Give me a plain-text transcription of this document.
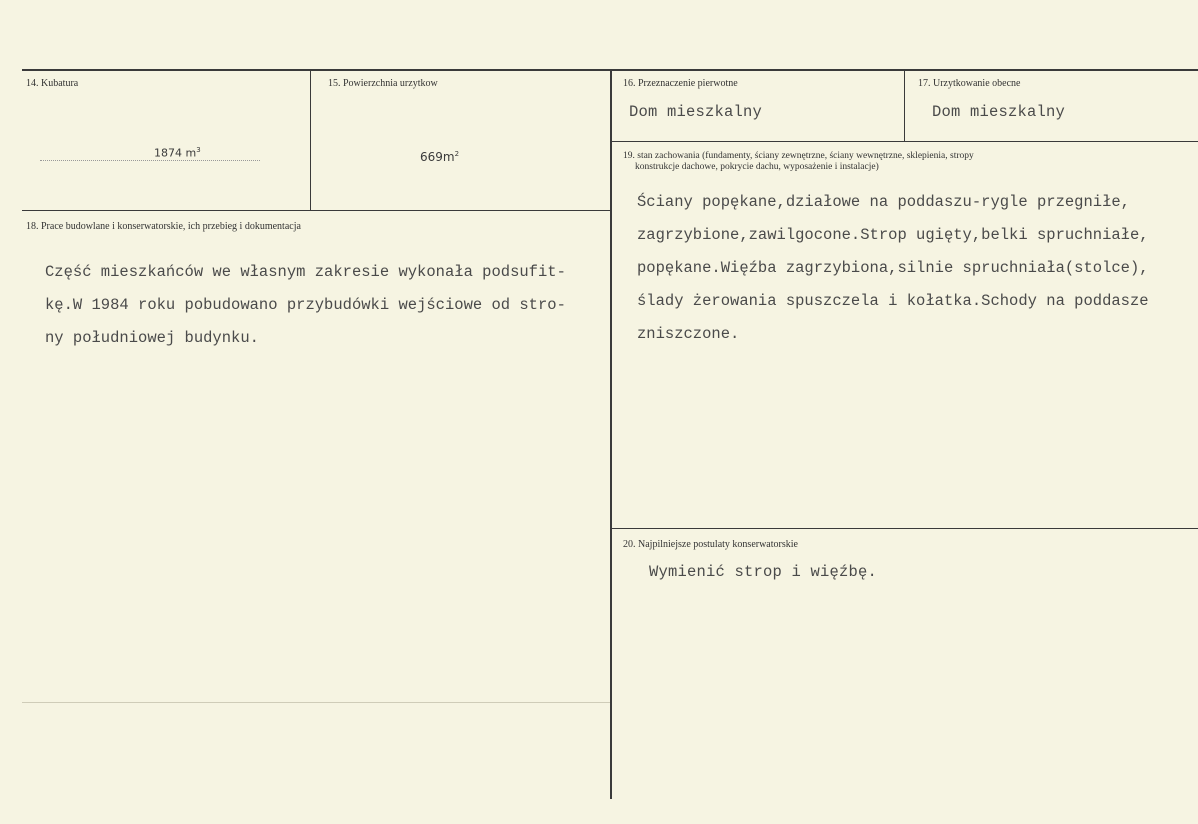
14. Kubatura
1874 $m^3$
15. Powierzchnia urzytkow
$669m^2$
16. Przeznaczenie pierwotne
Dom mieszkalny
17. Urzytkowanie obecne
Dom mieszkalny
18. Prace budowlane i konserwatorskie, ich przebieg i dokumentacja
Część mieszkańców we własnym zakresie wykonała podsufit-
kę.W 1984 roku pobudowano przybudówki wejściowe od stro-
ny południowej budynku.
19. stan zachowania (fundamenty, ściany zewnętrzne, ściany wewnętrzne, sklepienia, stropy
konstrukcje dachowe, pokrycie dachu, wyposażenie i instalacje)
Ściany popękane,działowe na poddaszu-rygle przegniłe,
zagrzybione,zawilgocone.Strop ugięty,belki spruchniałe,
popękane.Więźba zagrzybiona,silnie spruchniała(stolce),
ślady żerowania spuszczela i kołatka.Schody na poddasze
zniszczone.
20. Najpilniejsze postulaty konserwatorskie
Wymienić strop i więźbę.
